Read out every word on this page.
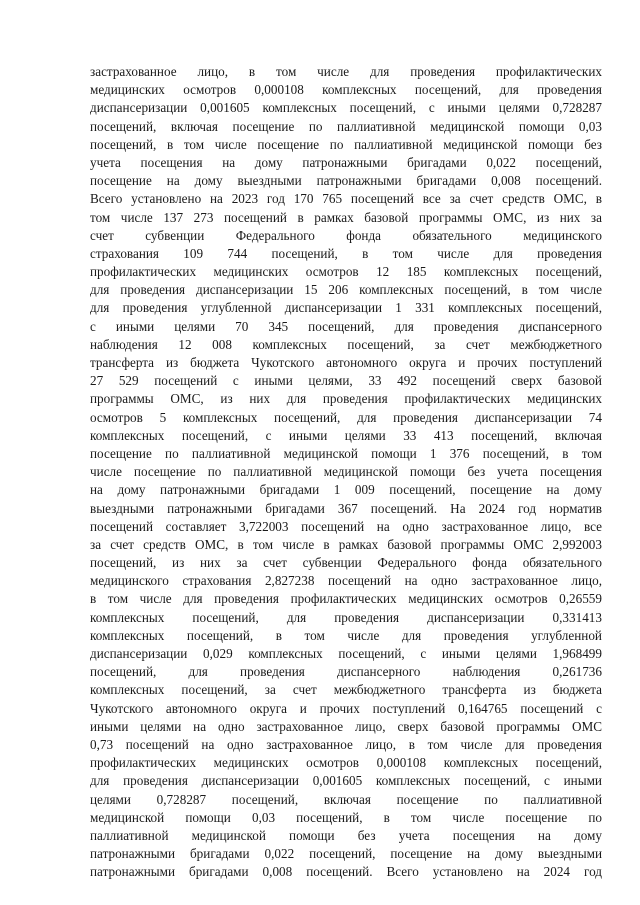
застрахованное лицо, в том числе для проведения профилактических
медицинских осмотров 0,000108 комплексных посещений, для проведения
диспансеризации 0,001605 комплексных посещений, с иными целями 0,728287
посещений, включая посещение по паллиативной медицинской помощи 0,03
посещений, в том числе посещение по паллиативной медицинской помощи без
учета посещения на дому патронажными бригадами 0,022 посещений,
посещение на дому выездными патронажными бригадами 0,008 посещений.
Всего установлено на 2023 год 170 765 посещений все за счет средств ОМС, в
том числе 137 273 посещений в рамках базовой программы ОМС, из них за
счет субвенции Федерального фонда обязательного медицинского
страхования 109 744 посещений, в том числе для проведения
профилактических медицинских осмотров 12 185 комплексных посещений,
для проведения диспансеризации 15 206 комплексных посещений, в том числе
для проведения углубленной диспансеризации 1 331 комплексных посещений,
с иными целями 70 345 посещений, для проведения диспансерного
наблюдения 12 008 комплексных посещений, за счет межбюджетного
трансферта из бюджета Чукотского автономного округа и прочих поступлений
27 529 посещений с иными целями, 33 492 посещений сверх базовой
программы ОМС, из них для проведения профилактических медицинских
осмотров 5 комплексных посещений, для проведения диспансеризации 74
комплексных посещений, с иными целями 33 413 посещений, включая
посещение по паллиативной медицинской помощи 1 376 посещений, в том
числе посещение по паллиативной медицинской помощи без учета посещения
на дому патронажными бригадами 1 009 посещений, посещение на дому
выездными патронажными бригадами 367 посещений. На 2024 год норматив
посещений составляет 3,722003 посещений на одно застрахованное лицо, все
за счет средств ОМС, в том числе в рамках базовой программы ОМС 2,992003
посещений, из них за счет субвенции Федерального фонда обязательного
медицинского страхования 2,827238 посещений на одно застрахованное лицо,
в том числе для проведения профилактических медицинских осмотров 0,26559
комплексных посещений, для проведения диспансеризации 0,331413
комплексных посещений, в том числе для проведения углубленной
диспансеризации 0,029 комплексных посещений, с иными целями 1,968499
посещений, для проведения диспансерного наблюдения 0,261736
комплексных посещений, за счет межбюджетного трансферта из бюджета
Чукотского автономного округа и прочих поступлений 0,164765 посещений с
иными целями на одно застрахованное лицо, сверх базовой программы ОМС
0,73 посещений на одно застрахованное лицо, в том числе для проведения
профилактических медицинских осмотров 0,000108 комплексных посещений,
для проведения диспансеризации 0,001605 комплексных посещений, с иными
целями 0,728287 посещений, включая посещение по паллиативной
медицинской помощи 0,03 посещений, в том числе посещение по
паллиативной медицинской помощи без учета посещения на дому
патронажными бригадами 0,022 посещений, посещение на дому выездными
патронажными бригадами 0,008 посещений. Всего установлено на 2024 год
